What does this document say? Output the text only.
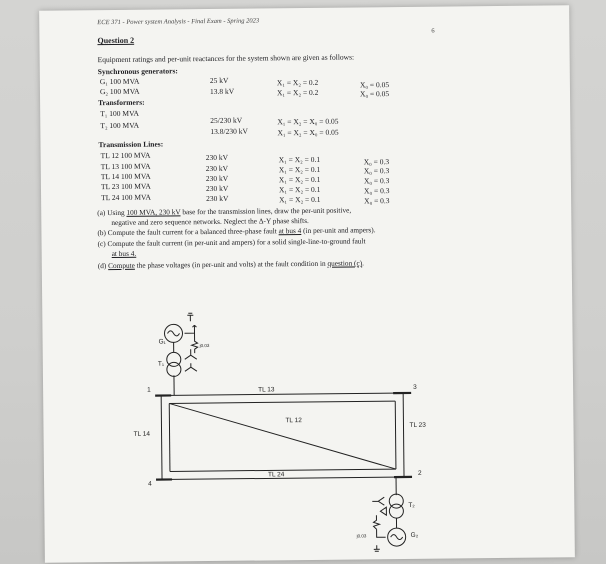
ECE 371 - Power system Analysis - Final Exam - Spring 2023
6
Question 2
Equipment ratings and per-unit reactances for the system shown are given as follows:
Synchronous generators:
G₁ 100 MVA	25 kV	X₁ = X₂ = 0.2	X₀ = 0.05
G₂ 100 MVA	13.8 kV	X₁ = X₂ = 0.2	X₀ = 0.05
Transformers:
T₁ 100 MVA
25/230 kV	X₁ = X₂ = X₀ = 0.05
T₂ 100 MVA
13.8/230 kV	X₁ = X₂ = X₀ = 0.05
Transmission Lines:
TL 12 100 MVA	230 kV	X₁ = X₂ = 0.1	X₀ = 0.3
TL 13 100 MVA	230 kV	X₁ = X₂ = 0.1	X₀ = 0.3
TL 14 100 MVA	230 kV	X₁ = X₂ = 0.1	X₀ = 0.3
TL 23 100 MVA	230 kV	X₁ = X₂ = 0.1	X₀ = 0.3
TL 24 100 MVA	230 kV	X₁ = X₂ = 0.1	X₀ = 0.3
(a) Using 100 MVA, 230 kV base for the transmission lines, draw the per-unit positive,
negative and zero sequence networks. Neglect the Δ-Y phase shifts.
(b) Compute the fault current for a balanced three-phase fault at bus 4 (in per-unit and ampers).
(c) Compute the fault current (in per-unit and ampers) for a solid single-line-to-ground fault
at bus 4.
(d) Compute the phase voltages (in per-unit and volts) at the fault condition in question (c).
G₁
T₁
j0.03
1	3
4
2
TL 13
TL 12
TL 14
TL 23
TL 24
T₂
G₂
j0.03
